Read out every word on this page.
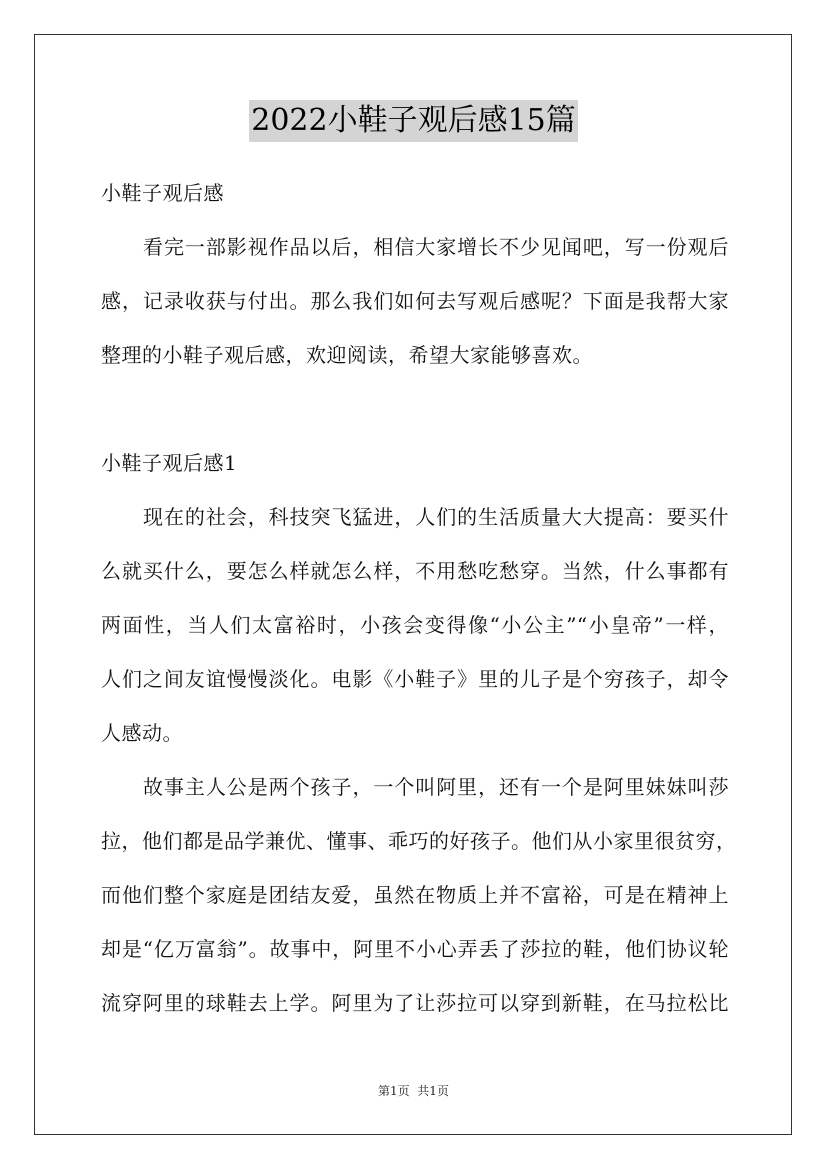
2022小鞋子观后感15篇
小鞋子观后感
看完一部影视作品以后，相信大家增长不少见闻吧，写一份观后
感，记录收获与付出。那么我们如何去写观后感呢？下面是我帮大家
整理的小鞋子观后感，欢迎阅读，希望大家能够喜欢。
小鞋子观后感1
现在的社会，科技突飞猛进，人们的生活质量大大提高：要买什
么就买什么，要怎么样就怎么样，不用愁吃愁穿。当然，什么事都有
两面性，当人们太富裕时，小孩会变得像“小公主”“小皇帝”一样，
人们之间友谊慢慢淡化。电影《小鞋子》里的儿子是个穷孩子，却令
人感动。
故事主人公是两个孩子，一个叫阿里，还有一个是阿里妹妹叫莎
拉，他们都是品学兼优、懂事、乖巧的好孩子。他们从小家里很贫穷，
而他们整个家庭是团结友爱，虽然在物质上并不富裕，可是在精神上
却是“亿万富翁”。故事中，阿里不小心弄丢了莎拉的鞋，他们协议轮
流穿阿里的球鞋去上学。阿里为了让莎拉可以穿到新鞋，在马拉松比
第1页  共1页
